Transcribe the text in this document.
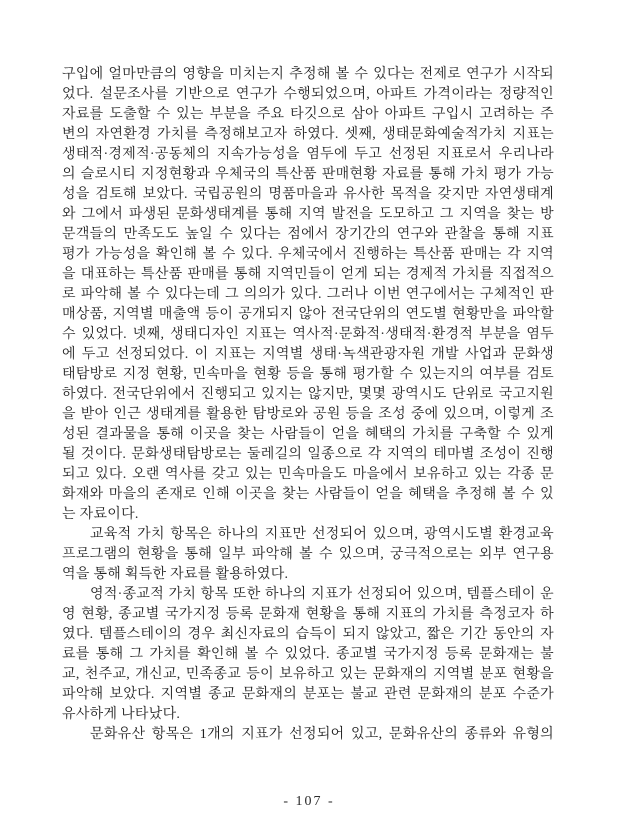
구입에 얼마만큼의 영향을 미치는지 추정해 볼 수 있다는 전제로 연구가 시작되
었다. 설문조사를 기반으로 연구가 수행되었으며, 아파트 가격이라는 정량적인
자료를 도출할 수 있는 부분을 주요 타깃으로 삼아 아파트 구입시 고려하는 주
변의 자연환경 가치를 측정해보고자 하였다. 셋째, 생태문화예술적가치 지표는
생태적·경제적·공동체의 지속가능성을 염두에 두고 선정된 지표로서 우리나라
의 슬로시티 지정현황과 우체국의 특산품 판매현황 자료를 통해 가치 평가 가능
성을 검토해 보았다. 국립공원의 명품마을과 유사한 목적을 갖지만 자연생태계
와 그에서 파생된 문화생태계를 통해 지역 발전을 도모하고 그 지역을 찾는 방
문객들의 만족도도 높일 수 있다는 점에서 장기간의 연구와 관찰을 통해 지표
평가 가능성을 확인해 볼 수 있다. 우체국에서 진행하는 특산품 판매는 각 지역
을 대표하는 특산품 판매를 통해 지역민들이 얻게 되는 경제적 가치를 직접적으
로 파악해 볼 수 있다는데 그 의의가 있다. 그러나 이번 연구에서는 구체적인 판
매상품, 지역별 매출액 등이 공개되지 않아 전국단위의 연도별 현황만을 파악할
수 있었다. 넷째, 생태디자인 지표는 역사적·문화적·생태적·환경적 부분을 염두
에 두고 선정되었다. 이 지표는 지역별 생태·녹색관광자원 개발 사업과 문화생
태탐방로 지정 현황, 민속마을 현황 등을 통해 평가할 수 있는지의 여부를 검토
하였다. 전국단위에서 진행되고 있지는 않지만, 몇몇 광역시도 단위로 국고지원
을 받아 인근 생태계를 활용한 탐방로와 공원 등을 조성 중에 있으며, 이렇게 조
성된 결과물을 통해 이곳을 찾는 사람들이 얻을 혜택의 가치를 구축할 수 있게
될 것이다. 문화생태탐방로는 둘레길의 일종으로 각 지역의 테마별 조성이 진행
되고 있다. 오랜 역사를 갖고 있는 민속마을도 마을에서 보유하고 있는 각종 문
화재와 마을의 존재로 인해 이곳을 찾는 사람들이 얻을 혜택을 추정해 볼 수 있
는 자료이다.
교육적 가치 항목은 하나의 지표만 선정되어 있으며, 광역시도별 환경교육
프로그램의 현황을 통해 일부 파악해 볼 수 있으며, 궁극적으로는 외부 연구용
역을 통해 획득한 자료를 활용하였다.
영적·종교적 가치 항목 또한 하나의 지표가 선정되어 있으며, 템플스테이 운
영 현황, 종교별 국가지정 등록 문화재 현황을 통해 지표의 가치를 측정코자 하
였다. 템플스테이의 경우 최신자료의 습득이 되지 않았고, 짧은 기간 동안의 자
료를 통해 그 가치를 확인해 볼 수 있었다. 종교별 국가지정 등록 문화재는 불
교, 천주교, 개신교, 민족종교 등이 보유하고 있는 문화재의 지역별 분포 현황을
파악해 보았다. 지역별 종교 문화재의 분포는 불교 관련 문화재의 분포 수준가
유사하게 나타났다.
문화유산 항목은 1개의 지표가 선정되어 있고, 문화유산의 종류와 유형의
- 107 -
